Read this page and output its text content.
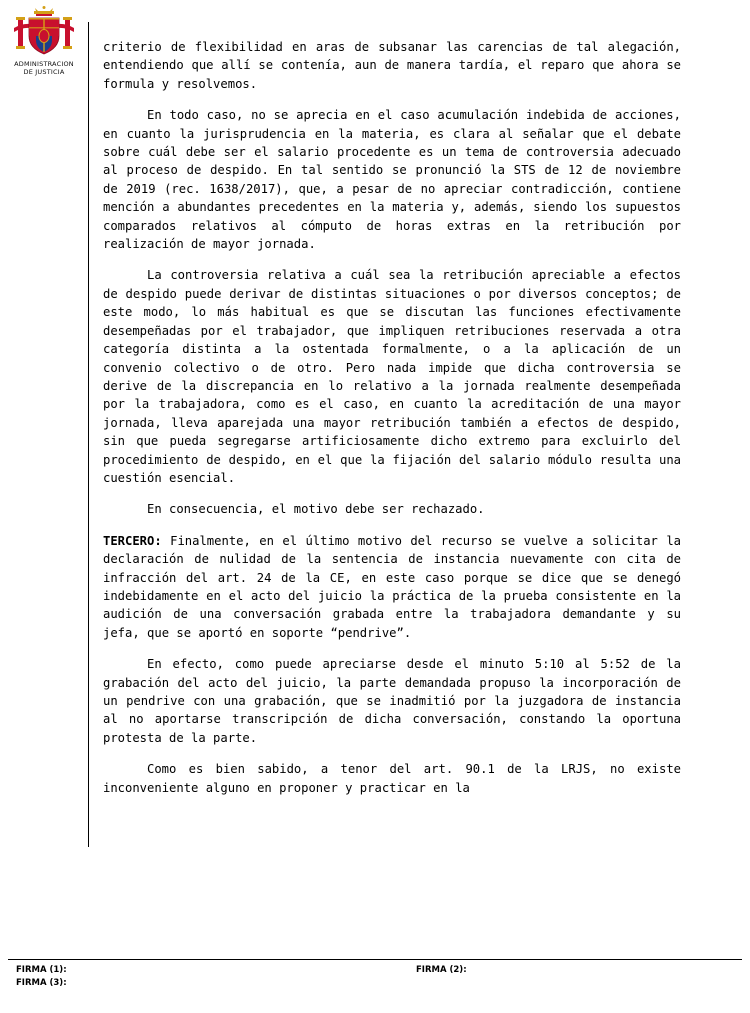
ADMINISTRACION
DE JUSTICIA

criterio de flexibilidad en aras de subsanar las carencias de tal alegación, entendiendo que allí se contenía, aun de manera tardía, el reparo que ahora se formula y resolvemos.

En todo caso, no se aprecia en el caso acumulación indebida de acciones, en cuanto la jurisprudencia en la materia, es clara al señalar que el debate sobre cuál debe ser el salario procedente es un tema de controversia adecuado al proceso de despido. En tal sentido se pronunció la STS de 12 de noviembre de 2019 (rec. 1638/2017), que, a pesar de no apreciar contradicción, contiene mención a abundantes precedentes en la materia y, además, siendo los supuestos comparados relativos al cómputo de horas extras en la retribución por realización de mayor jornada.

La controversia relativa a cuál sea la retribución apreciable a efectos de despido puede derivar de distintas situaciones o por diversos conceptos; de este modo, lo más habitual es que se discutan las funciones efectivamente desempeñadas por el trabajador, que impliquen retribuciones reservada a otra categoría distinta a la ostentada formalmente, o a la aplicación de un convenio colectivo o de otro. Pero nada impide que dicha controversia se derive de la discrepancia en lo relativo a la jornada realmente desempeñada por la trabajadora, como es el caso, en cuanto la acreditación de una mayor jornada, lleva aparejada una mayor retribución también a efectos de despido, sin que pueda segregarse artificiosamente dicho extremo para excluirlo del procedimiento de despido, en el que la fijación del salario módulo resulta una cuestión esencial.

En consecuencia, el motivo debe ser rechazado.

TERCERO: Finalmente, en el último motivo del recurso se vuelve a solicitar la declaración de nulidad de la sentencia de instancia nuevamente con cita de infracción del art. 24 de la CE, en este caso porque se dice que se denegó indebidamente en el acto del juicio la práctica de la prueba consistente en la audición de una conversación grabada entre la trabajadora demandante y su jefa, que se aportó en soporte “pendrive”.

En efecto, como puede apreciarse desde el minuto 5:10 al 5:52 de la grabación del acto del juicio, la parte demandada propuso la incorporación de un pendrive con una grabación, que se inadmitió por la juzgadora de instancia al no aportarse transcripción de dicha conversación, constando la oportuna protesta de la parte.

Como es bien sabido, a tenor del art. 90.1 de la LRJS, no existe inconveniente alguno en proponer y practicar en la

FIRMA (1):	FIRMA (2):
FIRMA (3):
